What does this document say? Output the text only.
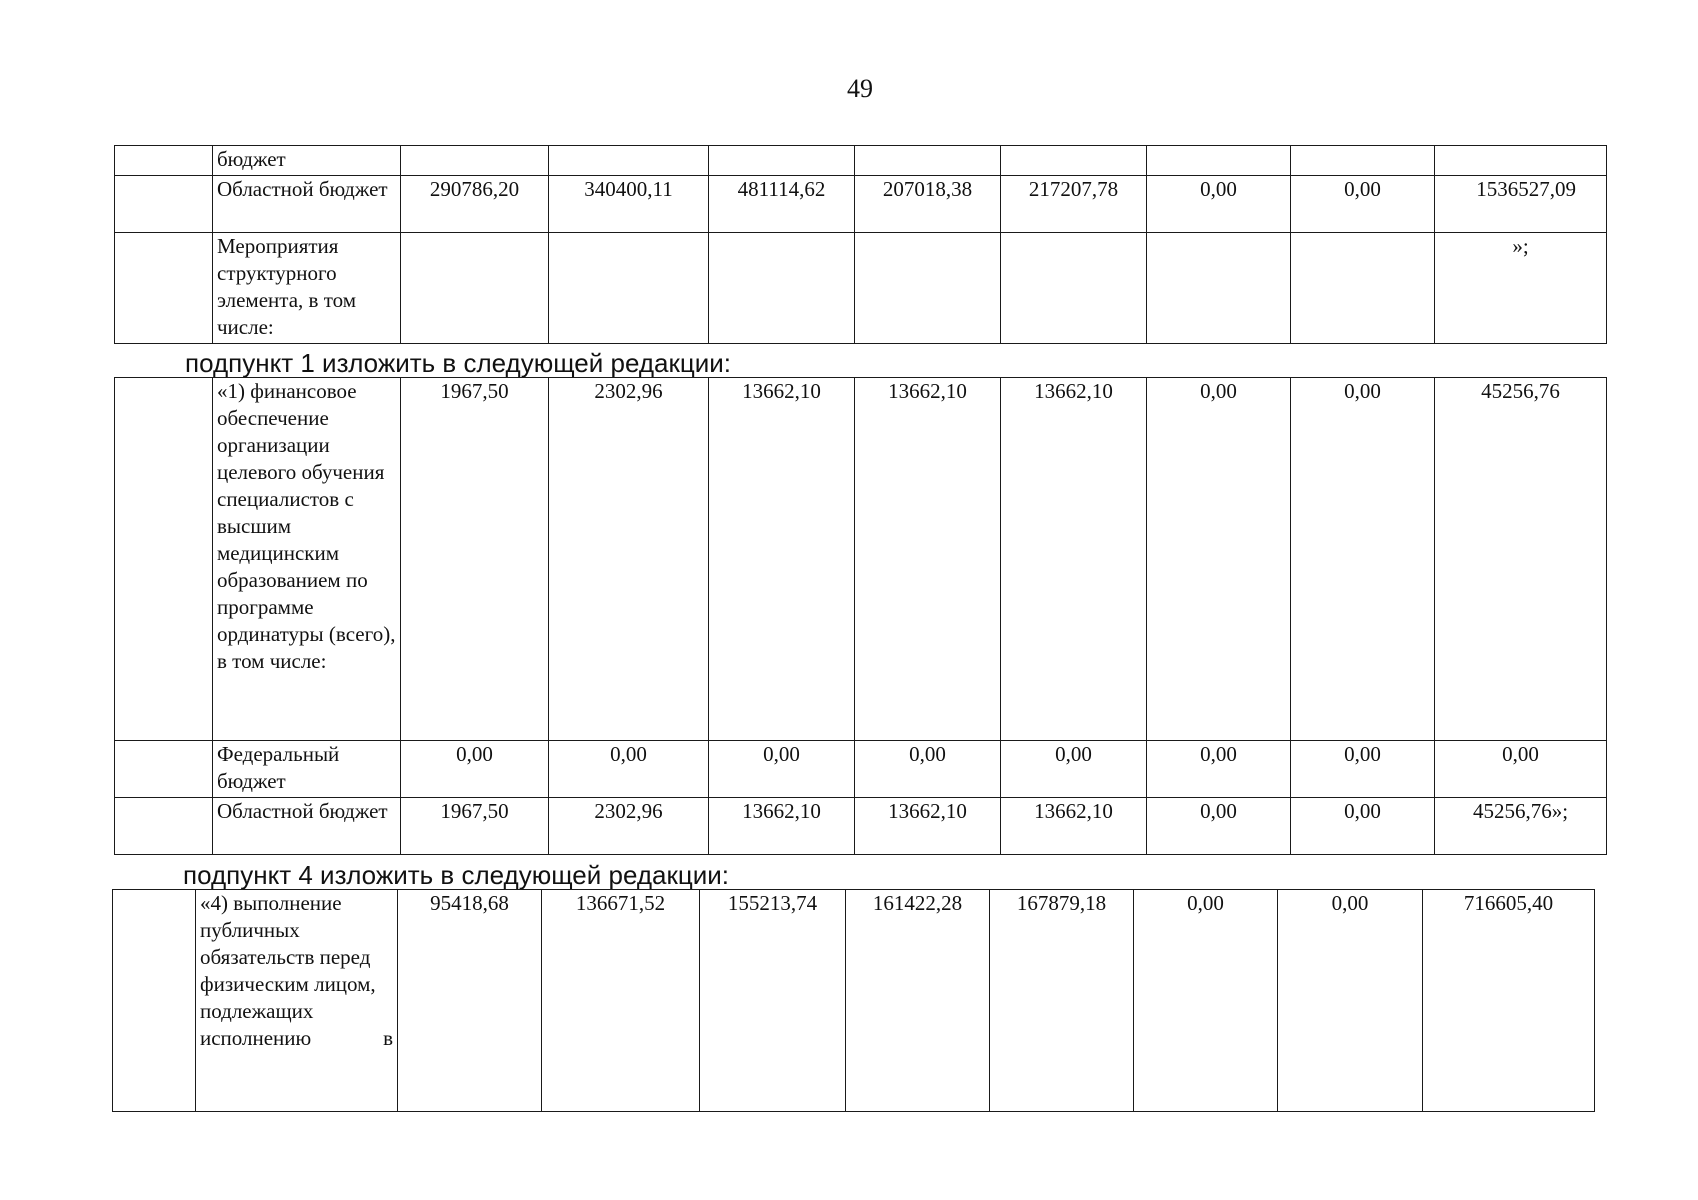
49
	бюджет								
	Областной бюджет	290786,20	340400,11	481114,62	207018,38	217207,78	0,00	0,00	1536527,09
	Мероприятия структурного элемента, в том числе:								»;
подпункт 1 изложить в следующей редакции:
	«1) финансовое обеспечение организации целевого обучения специалистов с высшим медицинским образованием по программе ординатуры (всего), в том числе:	1967,50	2302,96	13662,10	13662,10	13662,10	0,00	0,00	45256,76
	Федеральный бюджет	0,00	0,00	0,00	0,00	0,00	0,00	0,00	0,00
	Областной бюджет	1967,50	2302,96	13662,10	13662,10	13662,10	0,00	0,00	45256,76»;
подпункт 4 изложить в следующей редакции:
	«4) выполнение публичных обязательств перед физическим лицом, подлежащих исполнению в	95418,68	136671,52	155213,74	161422,28	167879,18	0,00	0,00	716605,40
